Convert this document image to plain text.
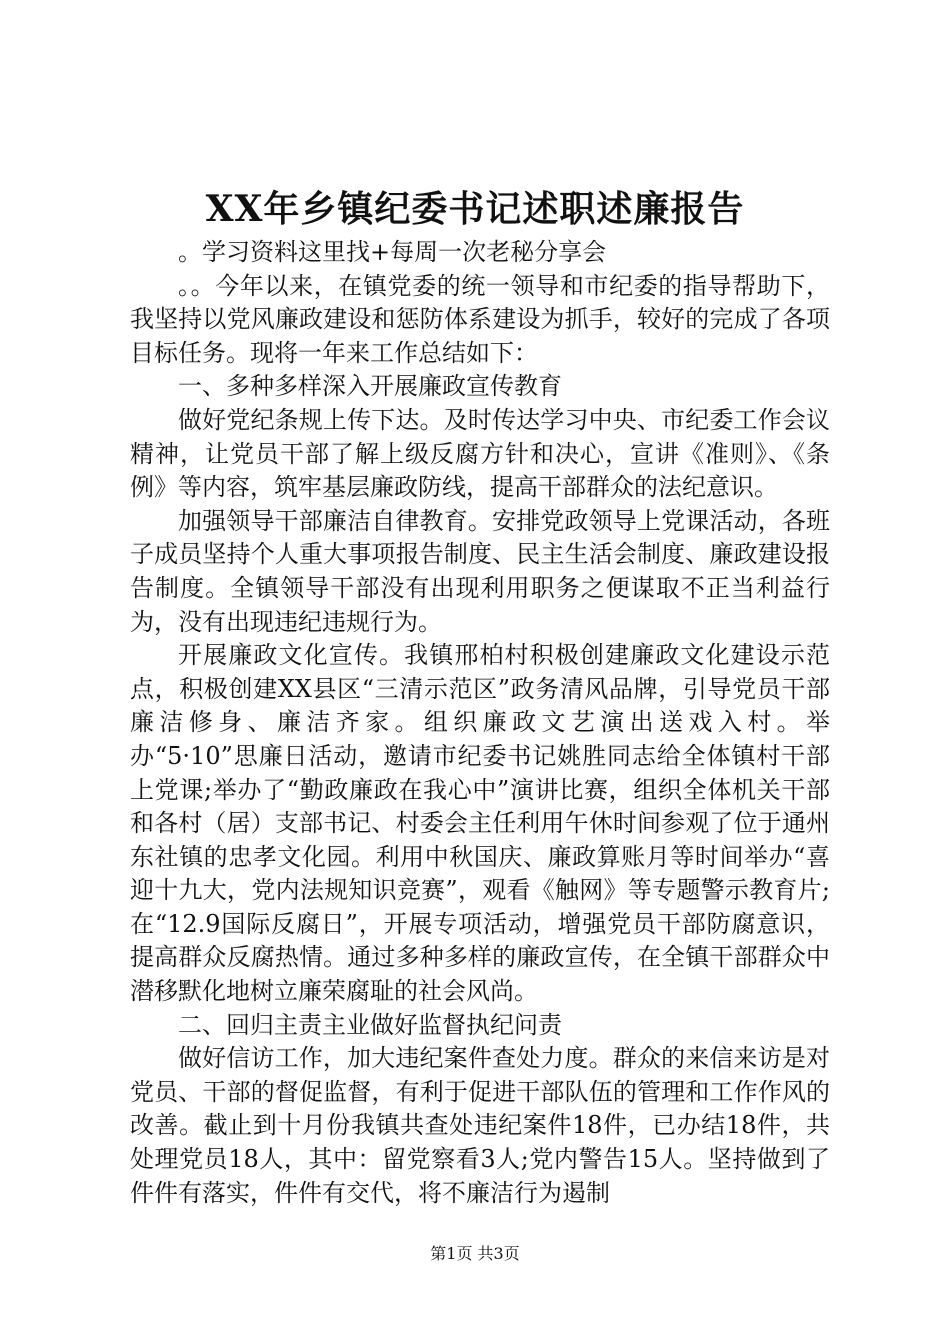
XX年乡镇纪委书记述职述廉报告

。学习资料这里找+每周一次老秘分享会

。。今年以来，在镇党委的统一领导和市纪委的指导帮助下，我坚持以党风廉政建设和惩防体系建设为抓手，较好的完成了各项目标任务。现将一年来工作总结如下：

一、多种多样深入开展廉政宣传教育

做好党纪条规上传下达。及时传达学习中央、市纪委工作会议精神，让党员干部了解上级反腐方针和决心，宣讲《准则》、《条例》等内容，筑牢基层廉政防线，提高干部群众的法纪意识。

加强领导干部廉洁自律教育。安排党政领导上党课活动，各班子成员坚持个人重大事项报告制度、民主生活会制度、廉政建设报告制度。全镇领导干部没有出现利用职务之便谋取不正当利益行为，没有出现违纪违规行为。

开展廉政文化宣传。我镇邢柏村积极创建廉政文化建设示范点，积极创建XX县区“三清示范区”政务清风品牌，引导党员干部廉洁修身、廉洁齐家。组织廉政文艺演出送戏入村。举办“5·10”思廉日活动，邀请市纪委书记姚胜同志给全体镇村干部上党课;举办了“勤政廉政在我心中”演讲比赛，组织全体机关干部和各村（居）支部书记、村委会主任利用午休时间参观了位于通州东社镇的忠孝文化园。利用中秋国庆、廉政算账月等时间举办“喜迎十九大，党内法规知识竞赛”，观看《触网》等专题警示教育片;在“12.9国际反腐日”，开展专项活动，增强党员干部防腐意识，提高群众反腐热情。通过多种多样的廉政宣传，在全镇干部群众中潜移默化地树立廉荣腐耻的社会风尚。

二、回归主责主业做好监督执纪问责

做好信访工作，加大违纪案件查处力度。群众的来信来访是对党员、干部的督促监督，有利于促进干部队伍的管理和工作作风的改善。截止到十月份我镇共查处违纪案件18件，已办结18件，共处理党员18人，其中：留党察看3人;党内警告15人。坚持做到了件件有落实，件件有交代，将不廉洁行为遏制

第1页 共3页
